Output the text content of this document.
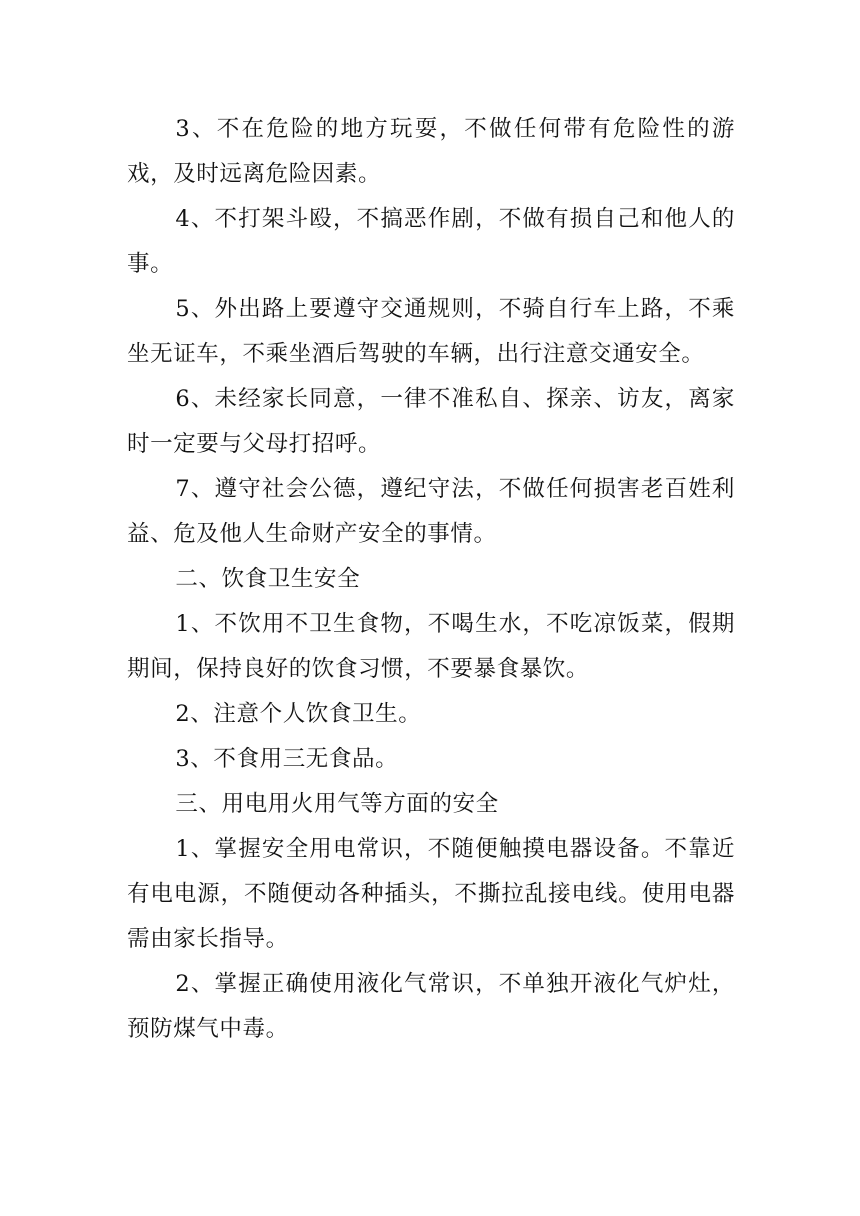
3、不在危险的地方玩耍，不做任何带有危险性的游戏，及时远离危险因素。

4、不打架斗殴，不搞恶作剧，不做有损自己和他人的事。

5、外出路上要遵守交通规则，不骑自行车上路，不乘坐无证车，不乘坐酒后驾驶的车辆，出行注意交通安全。

6、未经家长同意，一律不准私自、探亲、访友，离家时一定要与父母打招呼。

7、遵守社会公德，遵纪守法，不做任何损害老百姓利益、危及他人生命财产安全的事情。

二、饮食卫生安全

1、不饮用不卫生食物，不喝生水，不吃凉饭菜，假期期间，保持良好的饮食习惯，不要暴食暴饮。

2、注意个人饮食卫生。

3、不食用三无食品。

三、用电用火用气等方面的安全

1、掌握安全用电常识，不随便触摸电器设备。不靠近有电电源，不随便动各种插头，不撕拉乱接电线。使用电器需由家长指导。

2、掌握正确使用液化气常识，不单独开液化气炉灶，预防煤气中毒。
